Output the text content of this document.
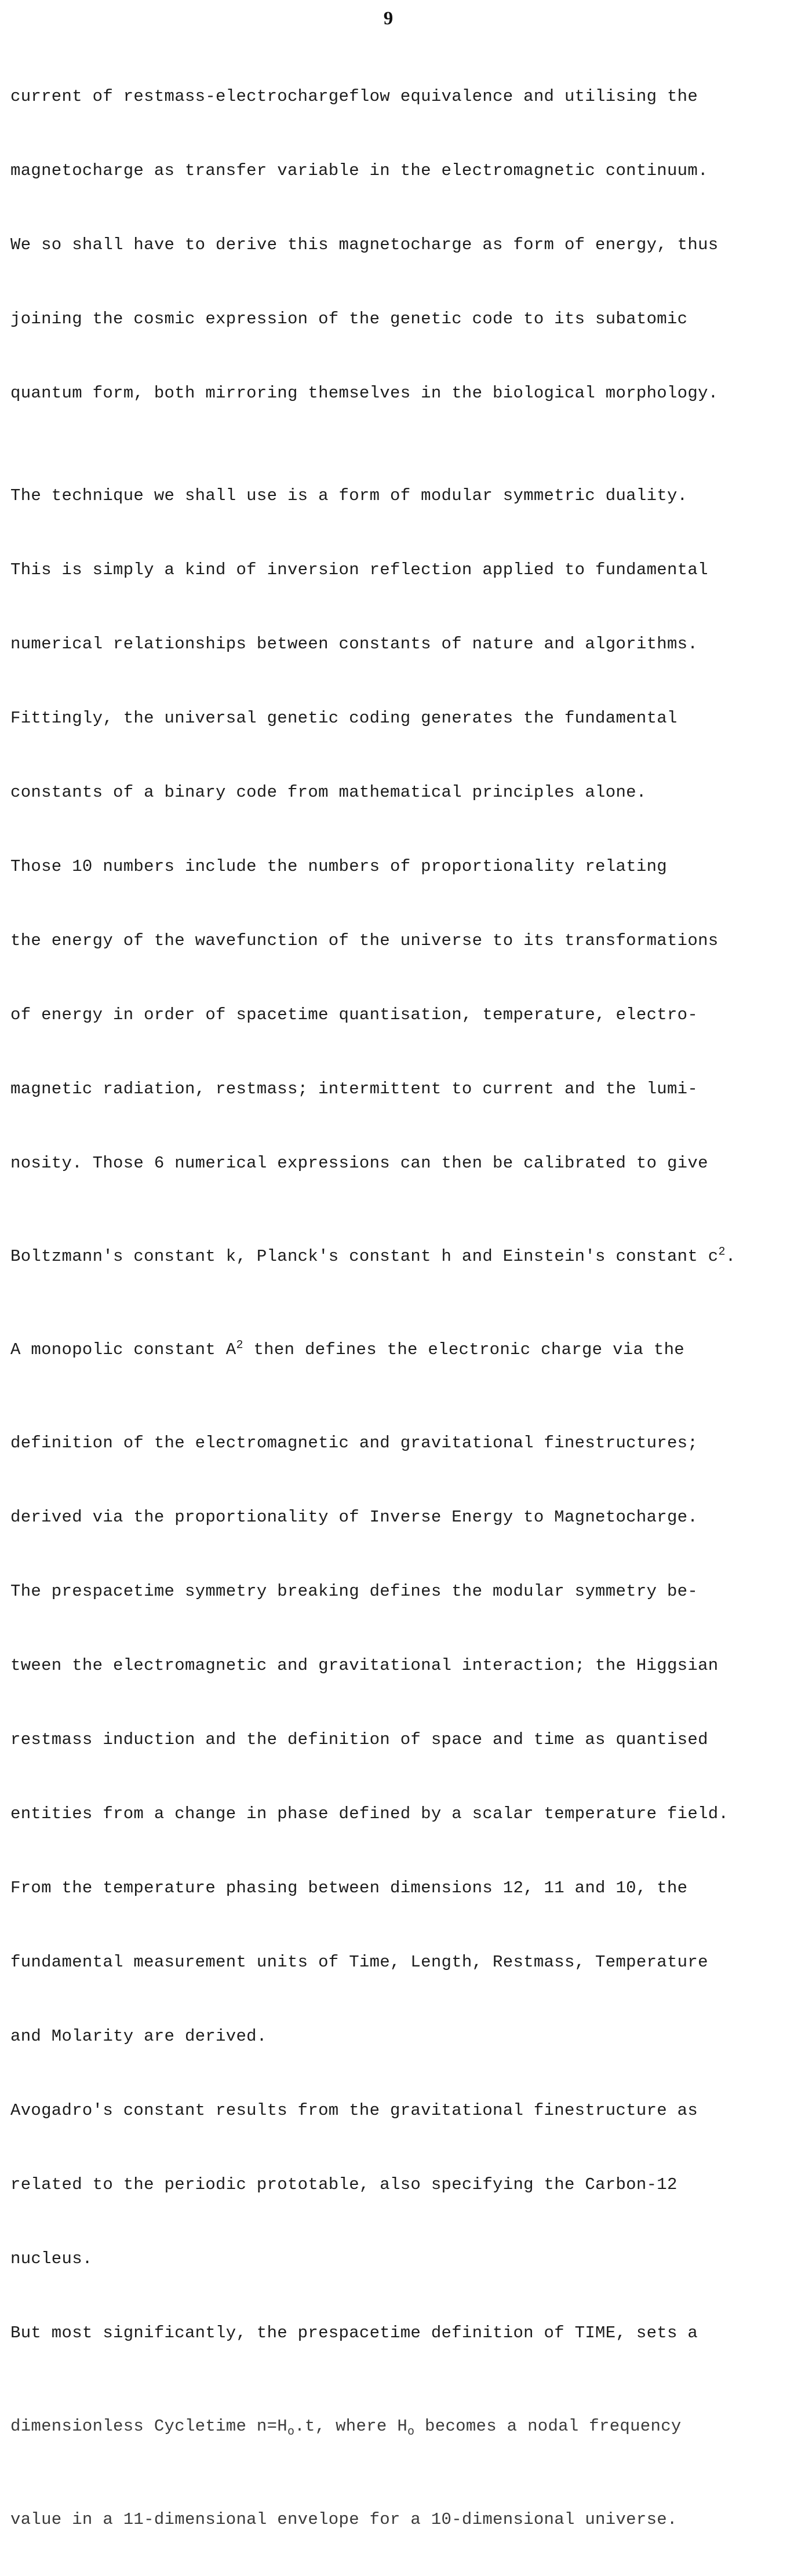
9

current of restmass-electrochargeflow equivalence and utilising the

magnetocharge as transfer variable in the electromagnetic continuum.

We so shall have to derive this magnetocharge as form of energy, thus

joining the cosmic expression of the genetic code to its subatomic

quantum form, both mirroring themselves in the biological morphology.

The technique we shall use is a form of modular symmetric duality.

This is simply a kind of inversion reflection applied to fundamental

numerical relationships between constants of nature and algorithms.

Fittingly, the universal genetic coding generates the fundamental

constants of a binary code from mathematical principles alone.

Those 10 numbers include the numbers of proportionality relating

the energy of the wavefunction of the universe to its transformations

of energy in order of spacetime quantisation, temperature, electro-

magnetic radiation, restmass; intermittent to current and the lumi-

nosity. Those 6 numerical expressions can then be calibrated to give

Boltzmann's constant k, Planck's constant h and Einstein's constant $c^2$.

A monopolic constant $A^2$ then defines the electronic charge via the

definition of the electromagnetic and gravitational finestructures;

derived via the proportionality of Inverse Energy to Magnetocharge.

The prespacetime symmetry breaking defines the modular symmetry be-

tween the electromagnetic and gravitational interaction; the Higgsian

restmass induction and the definition of space and time as quantised

entities from a change in phase defined by a scalar temperature field.

From the temperature phasing between dimensions 12, 11 and 10, the

fundamental measurement units of Time, Length, Restmass, Temperature

and Molarity are derived.

Avogadro's constant results from the gravitational finestructure as

related to the periodic prototable, also specifying the Carbon-12

nucleus.

But most significantly, the prespacetime definition of TIME, sets a

dimensionless Cycletime $n=H_o.t$, where $H_o$ becomes a nodal frequency

value in a 11-dimensional envelope for a 10-dimensional universe.
